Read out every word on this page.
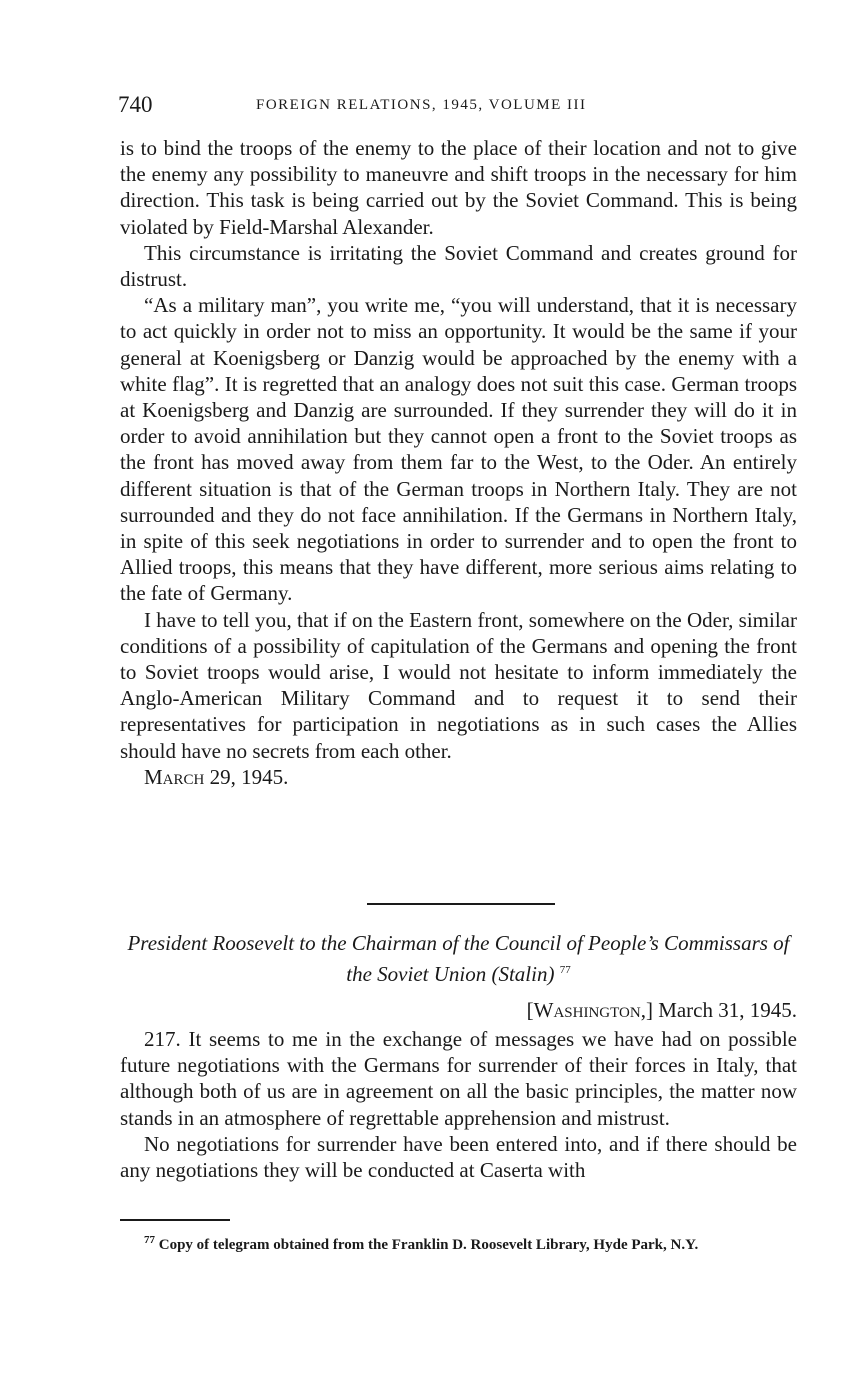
740	FOREIGN RELATIONS, 1945, VOLUME III

is to bind the troops of the enemy to the place of their location and not to give the enemy any possibility to maneuvre and shift troops in the necessary for him direction. This task is being carried out by the Soviet Command. This is being violated by Field-Marshal Alexander.

This circumstance is irritating the Soviet Command and creates ground for distrust.

“As a military man”, you write me, “you will understand, that it is necessary to act quickly in order not to miss an opportunity. It would be the same if your general at Koenigsberg or Danzig would be approached by the enemy with a white flag”. It is regretted that an analogy does not suit this case. German troops at Koenigsberg and Danzig are surrounded. If they surrender they will do it in order to avoid annihilation but they cannot open a front to the Soviet troops as the front has moved away from them far to the West, to the Oder. An entirely different situation is that of the German troops in Northern Italy. They are not surrounded and they do not face annihilation. If the Germans in Northern Italy, in spite of this seek negotiations in order to surrender and to open the front to Allied troops, this means that they have different, more serious aims relating to the fate of Germany.

I have to tell you, that if on the Eastern front, somewhere on the Oder, similar conditions of a possibility of capitulation of the Germans and opening the front to Soviet troops would arise, I would not hesitate to inform immediately the Anglo-American Military Command and to request it to send their representatives for participation in negotiations as in such cases the Allies should have no secrets from each other.

March 29, 1945.

President Roosevelt to the Chairman of the Council of People’s Commissars of the Soviet Union (Stalin) $^{77}$
[Washington,] March 31, 1945.

217. It seems to me in the exchange of messages we have had on possible future negotiations with the Germans for surrender of their forces in Italy, that although both of us are in agreement on all the basic principles, the matter now stands in an atmosphere of regrettable apprehension and mistrust.

No negotiations for surrender have been entered into, and if there should be any negotiations they will be conducted at Caserta with

$^{77}$ Copy of telegram obtained from the Franklin D. Roosevelt Library, Hyde Park, N.Y.
